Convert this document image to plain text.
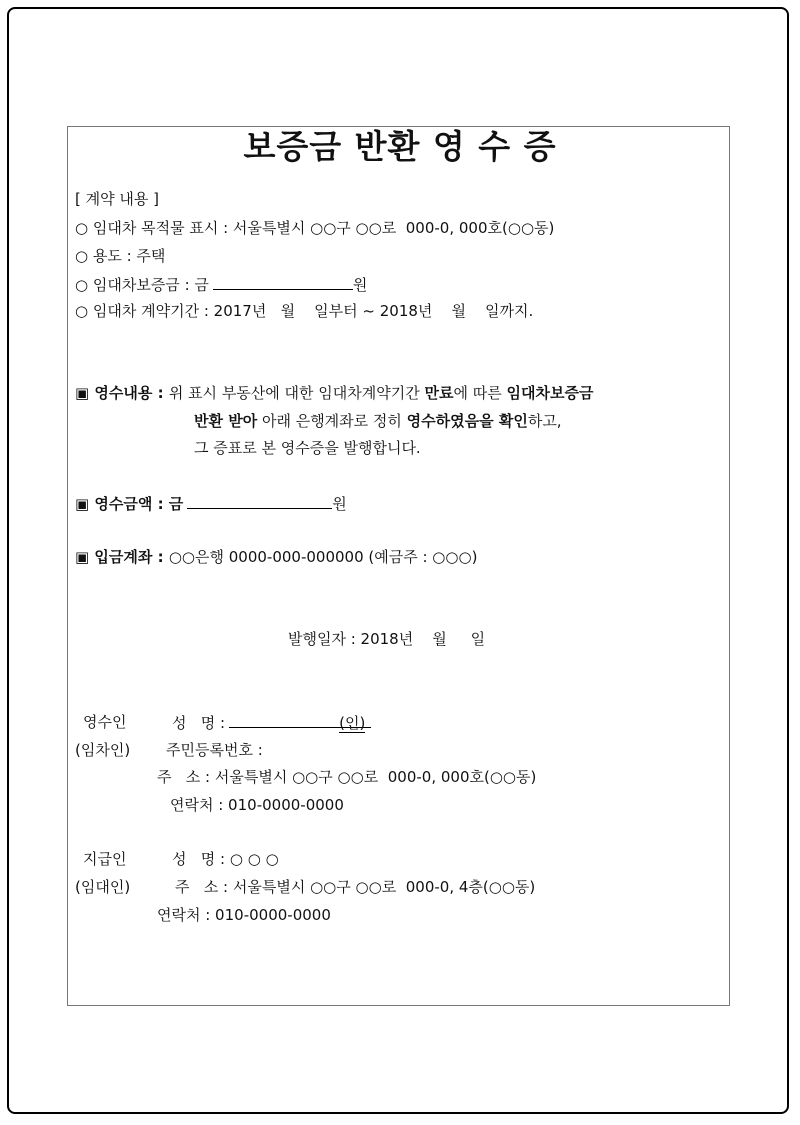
보증금 반환 영 수 증
[ 계약 내용 ]
○ 임대차 목적물 표시 : 서울특별시 ○○구 ○○로  000-0, 000호(○○동)
○ 용도 : 주택
○ 임대차보증금 : 금	원
○ 임대차 계약기간 : 2017년   월    일부터 ~ 2018년    월    일까지.
▣ 영수내용 : 위 표시 부동산에 대한 임대차계약기간 만료에 따른 임대차보증금
반환 받아 아래 은행계좌로 정히 영수하였음을 확인하고,
그 증표로 본 영수증을 발행합니다.
▣ 영수금액 : 금	원
▣ 입금계좌 : ○○은행 0000-000-000000 (예금주 : ○○○)
발행일자 : 2018년    월     일
영수인	성   명 :	(인)
(임차인) 주민등록번호 :
주   소 : 서울특별시 ○○구 ○○로  000-0, 000호(○○동)
연락처 : 010-0000-0000
지급인	성   명 : ○ ○ ○
(임대인)	주   소 : 서울특별시 ○○구 ○○로  000-0, 4층(○○동)
연락처 : 010-0000-0000
